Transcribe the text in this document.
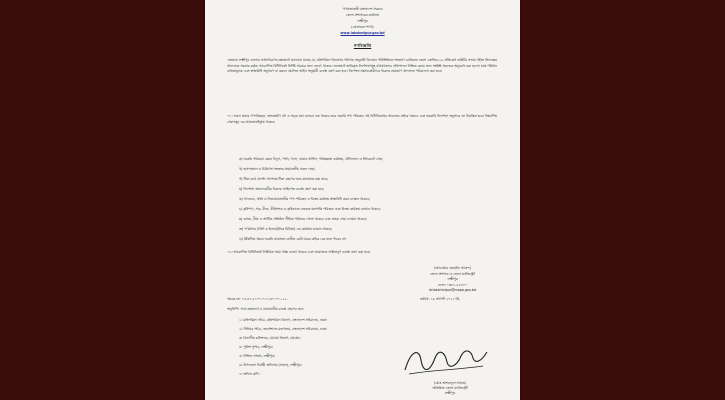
গণপ্রজাতন্ত্রী বাংলাদেশ সরকার
জেলা প্রশাসকের কার্যালয়
লক্ষ্মীপুর
(জেনারেল শাখা)
www.lakshmipur.gov.bd
গণবিজ্ঞপ্তি
এতদ্বারা লক্ষ্মীপুর জেলার সর্বসাধারণের জ্ঞাতার্থে জানানো যাচ্ছে যে, মন্ত্রিপরিষদ বিভাগের পরিপত্র অনুযায়ী বিদ্যমান পরিস্থিতিতে সংক্রমণ রোধকল্পে জেলা কোভিড-১৯ প্রতিরোধ কমিটির সভায় গৃহীত সিদ্ধান্তের আলোকে সরকার কর্তৃক আরোপিত বিধিনিষেধ নির্দিষ্ট সময়ের জন্য বলবৎ থাকবে। জনস্বার্থে জারিকৃত নির্দেশনাসমূহ যথাযথভাবে প্রতিপালন নিশ্চিত করার জন্য সংশ্লিষ্ট সকলকে অনুরোধ করা হলো। মাস্ক পরিধান বাধ্যতামূলক এবং স্বাস্থ্যবিধি অনুসরণ না করলে প্রচলিত আইন অনুযায়ী ব্যবস্থা গ্রহণ করা হবে। নির্দেশনা অমান্যকারীদের বিরুদ্ধে ভ্রাম্যমাণ আদালত পরিচালনা করা হবে।
০১। সকল প্রকার গণপরিবহন, অভ্যন্তরীণ নৌ ও সড়ক যান চলাচল বন্ধ থাকবে তবে জরুরি পণ্য পরিবহন এই বিধিনিষেধের আওতার বাইরে থাকবে এবং সরকারি নির্দেশনা অনুসারে তা নিয়ন্ত্রিত হবে। নিম্নবর্ণিত সেবাসমূহ এর আওতাবহির্ভূত থাকবে:
ক) জরুরি পরিষেবা যেমন বিদ্যুৎ, পানি, গ্যাস, ফায়ার সার্ভিস, পরিচ্ছন্নতা কার্যক্রম, টেলিফোন ও ইন্টারনেট সেবা,
খ) হাসপাতাল ও চিকিৎসা সংক্রান্ত প্রয়োজনীয় সকল সেবা;
গ) টিকা কার্ড প্রদর্শন সাপেক্ষে টিকা গ্রহণের জন্য যাতায়াত করা যাবে;
ঘ) নির্দেশনা অমান্যকারীর বিরুদ্ধে আইনগত ব্যবস্থা গ্রহণ করা হবে;
ঙ) খাদ্যদ্রব্য, ঔষধ ও নিত্যপ্রয়োজনীয় পণ্য পরিবহন ও বিক্রয় কার্যক্রম স্বাস্থ্যবিধি মেনে চলমান থাকবে;
চ) কৃষিপণ্য, সার, বীজ, কীটনাশক ও কৃষিকাজে ব্যবহৃত যন্ত্রপাতি পরিবহন এবং বিক্রয় কার্যক্রম চলমান থাকবে;
ছ) ব্যাংক, বীমা ও আর্থিক প্রতিষ্ঠান সীমিত পরিসরে খোলা থাকবে এবং গ্রাহক সেবা চলমান থাকবে;
জ) গণমাধ্যম (প্রিন্ট ও ইলেকট্রনিক মিডিয়া) এর কার্যক্রম চলমান থাকবে;
ঝ) উল্লিখিত সময়ে জরুরি প্রয়োজন ব্যতীত কেউ ঘরের বাইরে বের হতে পারবে না।
০২। আরোপিত বিধিনিষেধ নির্ধারিত সময় পর্যন্ত বলবৎ থাকবে এবং প্রয়োজনে আইনানুগ ব্যবস্থা গ্রহণ করা হবে।
(আনোয়ার হোছাইন আকন্দ)
জেলা প্রশাসক ও জেলা ম্যাজিস্ট্রেট
লক্ষ্মীপুর
ফোন: ০৩৮১-৫৫৫০০
dclakshmipur@mopa.gov.bd
স্মারক নং: ০৫.৪৭.৫১০০.০১০.৩০.০০১.২১-	তারিখ: ১৯ আগস্ট ২০২১ খ্রি.
অনুলিপি: সদয় জ্ঞাতার্থে ও প্রয়োজনীয় ব্যবস্থা গ্রহণের জন্য
১। মন্ত্রিপরিষদ সচিব, মন্ত্রিপরিষদ বিভাগ, বাংলাদেশ সচিবালয়, ঢাকা।
২। সিনিয়র সচিব, জনপ্রশাসন মন্ত্রণালয়, বাংলাদেশ সচিবালয়, ঢাকা।
৩। বিভাগীয় কমিশনার, চট্টগ্রাম বিভাগ, চট্টগ্রাম।
৪। পুলিশ সুপার, লক্ষ্মীপুর।
৫। সিভিল সার্জন, লক্ষ্মীপুর।
৬। উপজেলা নির্বাহী অফিসার (সকল), লক্ষ্মীপুর।
৭। অফিস কপি।
(মোঃ আশরাফুল আলম)
অতিরিক্ত জেলা ম্যাজিস্ট্রেট
লক্ষ্মীপুর
